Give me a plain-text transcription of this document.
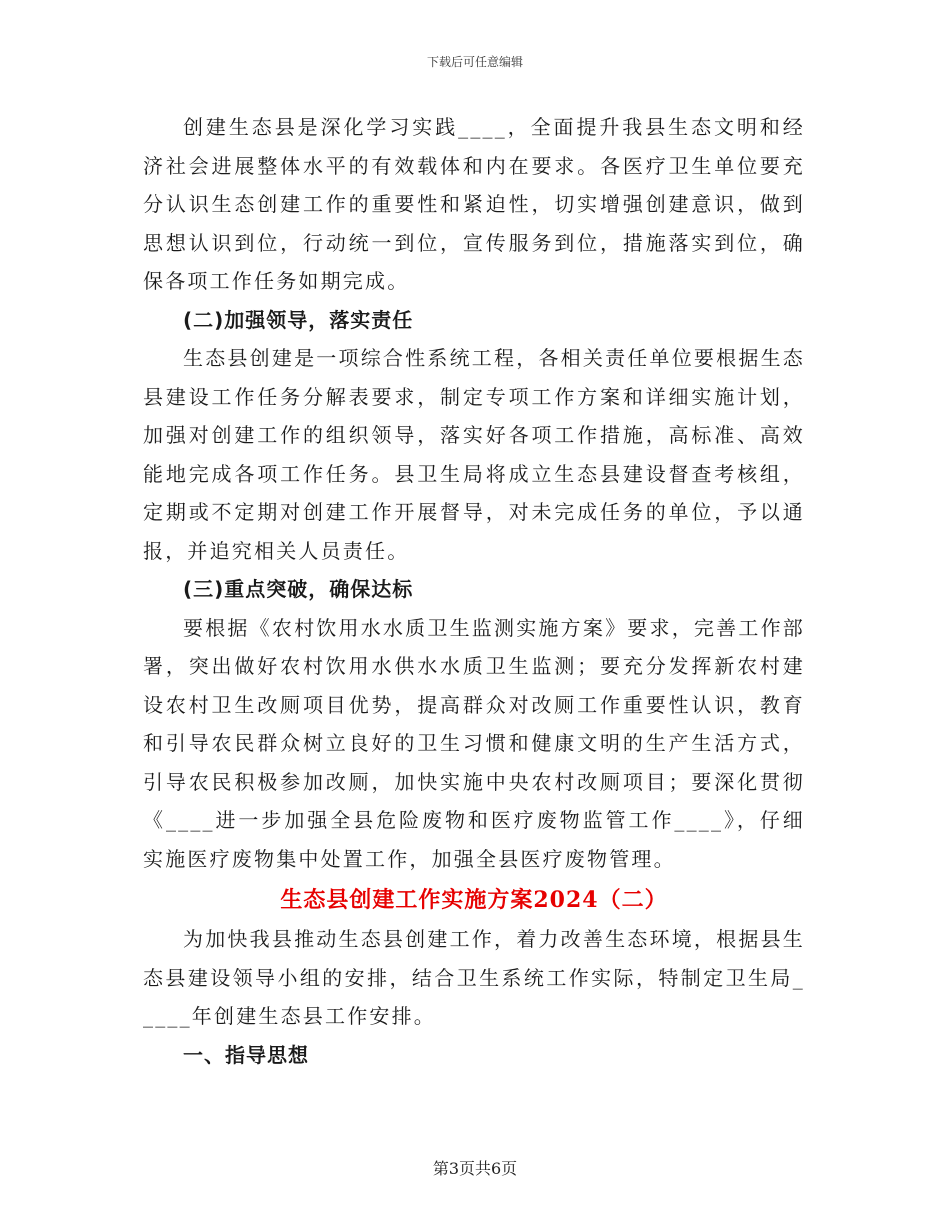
下载后可任意编辑

创建生态县是深化学习实践____，全面提升我县生态文明和经济社会进展整体水平的有效载体和内在要求。各医疗卫生单位要充分认识生态创建工作的重要性和紧迫性，切实增强创建意识，做到思想认识到位，行动统一到位，宣传服务到位，措施落实到位，确保各项工作任务如期完成。

(二)加强领导，落实责任

生态县创建是一项综合性系统工程，各相关责任单位要根据生态县建设工作任务分解表要求，制定专项工作方案和详细实施计划，加强对创建工作的组织领导，落实好各项工作措施，高标准、高效能地完成各项工作任务。县卫生局将成立生态县建设督查考核组，定期或不定期对创建工作开展督导，对未完成任务的单位，予以通报，并追究相关人员责任。

(三)重点突破，确保达标

要根据《农村饮用水水质卫生监测实施方案》要求，完善工作部署，突出做好农村饮用水供水水质卫生监测；要充分发挥新农村建设农村卫生改厕项目优势，提高群众对改厕工作重要性认识，教育和引导农民群众树立良好的卫生习惯和健康文明的生产生活方式，引导农民积极参加改厕，加快实施中央农村改厕项目；要深化贯彻《____进一步加强全县危险废物和医疗废物监管工作____》，仔细实施医疗废物集中处置工作，加强全县医疗废物管理。

生态县创建工作实施方案2024（二）

为加快我县推动生态县创建工作，着力改善生态环境，根据县生态县建设领导小组的安排，结合卫生系统工作实际，特制定卫生局_____年创建生态县工作安排。

一、指导思想

第3页共6页
